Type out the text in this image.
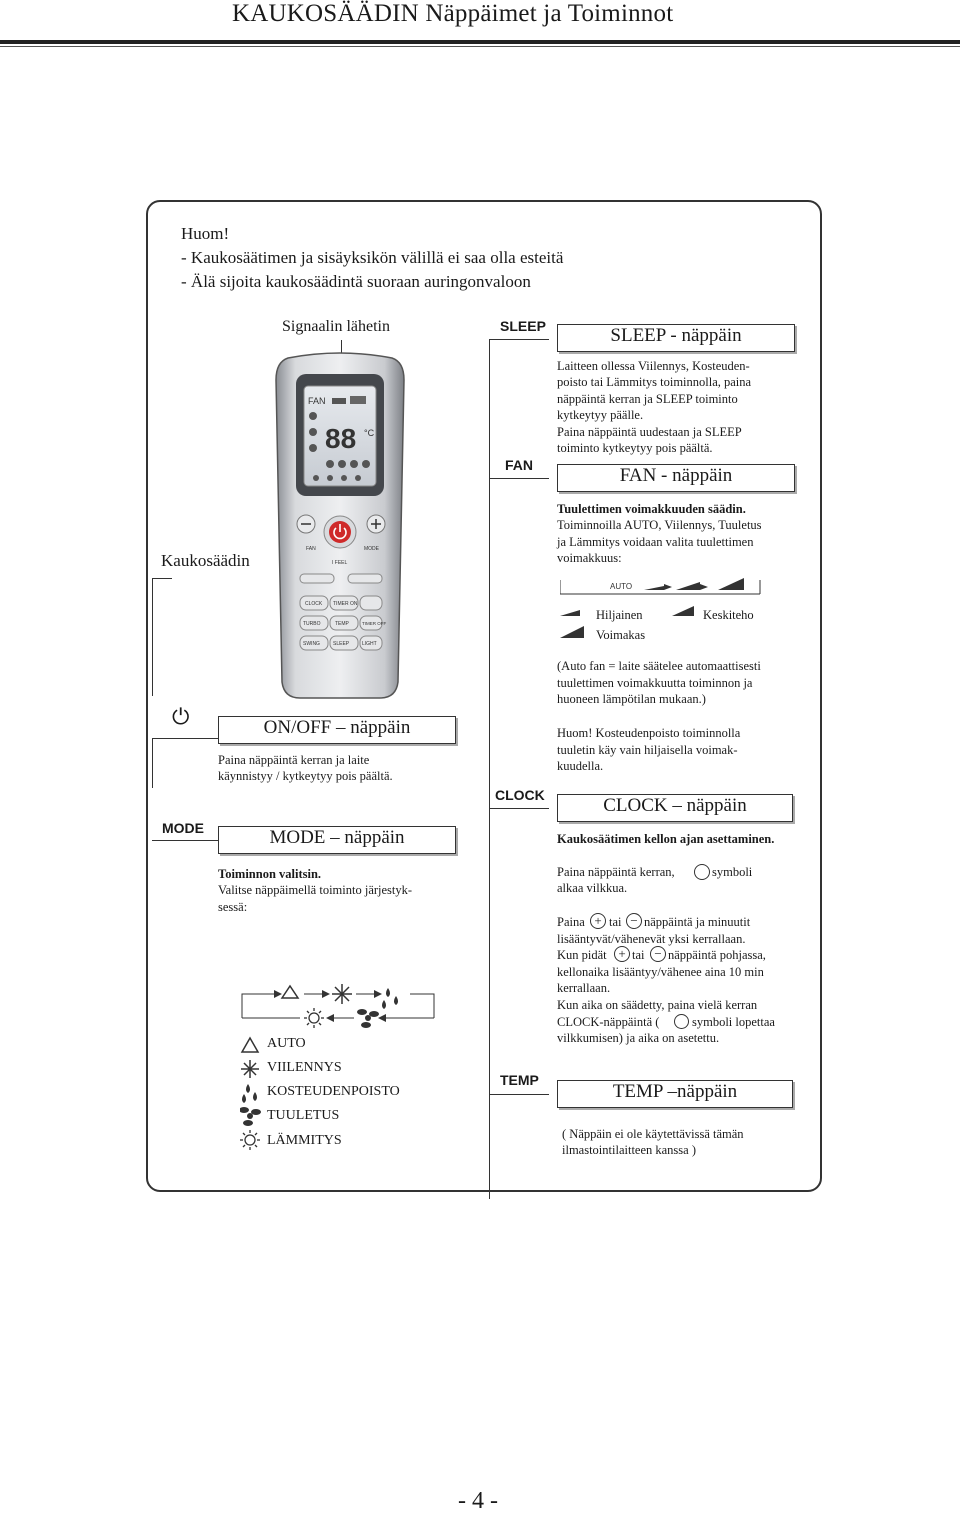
KAUKOSÄÄDIN Näppäimet ja Toiminnot
Huom!
- Kaukosäätimen ja sisäyksikön välillä ei saa olla esteitä
- Älä sijoita kaukosäädintä suoraan auringonvaloon
Signaalin lähetin
Kaukosäädin
FAN
88 °C
FAN	MODE
I FEEL
CLOCK TIMER ON
TURBO	TEMP	TIMER OFF
SWING	SLEEP	LIGHT
SLEEP
FAN
CLOCK
TEMP
SLEEP - näppäin
Laitteen ollessa Viilennys, Kosteuden-
poisto tai Lämmitys toiminnolla, paina
näppäintä kerran ja SLEEP toiminto
kytkeytyy päälle.
Paina näppäintä uudestaan ja SLEEP
toiminto kytkeytyy pois päältä.
FAN - näppäin
Tuulettimen voimakkuuden säädin.
Toiminnoilla AUTO, Viilennys, Tuuletus
ja Lämmitys voidaan valita tuulettimen
voimakkuus:
AUTO
Hiljainen	Keskiteho
Voimakas
(Auto fan = laite säätelee automaattisesti
tuulettimen voimakkuutta toiminnon ja
huoneen lämpötilan mukaan.)
Huom! Kosteudenpoisto toiminnolla
tuuletin käy vain hiljaisella voimak-
kuudella.
CLOCK – näppäin
Kaukosäätimen kellon ajan asettaminen.
Paina näppäintä kerran,	symboli
alkaa vilkkua.
Paina + tai − näppäintä ja minuutit
lisääntyvät/vähenevät yksi kerrallaan.
Kun pidät + tai − näppäintä pohjassa,
kellonaika lisääntyy/vähenee aina 10 min
kerrallaan.
Kun aika on säädetty, paina vielä kerran
CLOCK-näppäintä (	symboli lopettaa
vilkkumisen) ja aika on asetettu.
TEMP –näppäin
( Näppäin ei ole käytettävissä tämän
ilmastointilaitteen kanssa )
⏻	ON/OFF – näppäin
Paina näppäintä kerran ja laite
käynnistyy / kytkeytyy pois päältä.
MODE	MODE – näppäin
Toiminnon valitsin.
Valitse näppäimellä toiminto järjestyk-
sessä:
AUTO
VIILENNYS
KOSTEUDENPOISTO
TUULETUS
LÄMMITYS
- 4 -
